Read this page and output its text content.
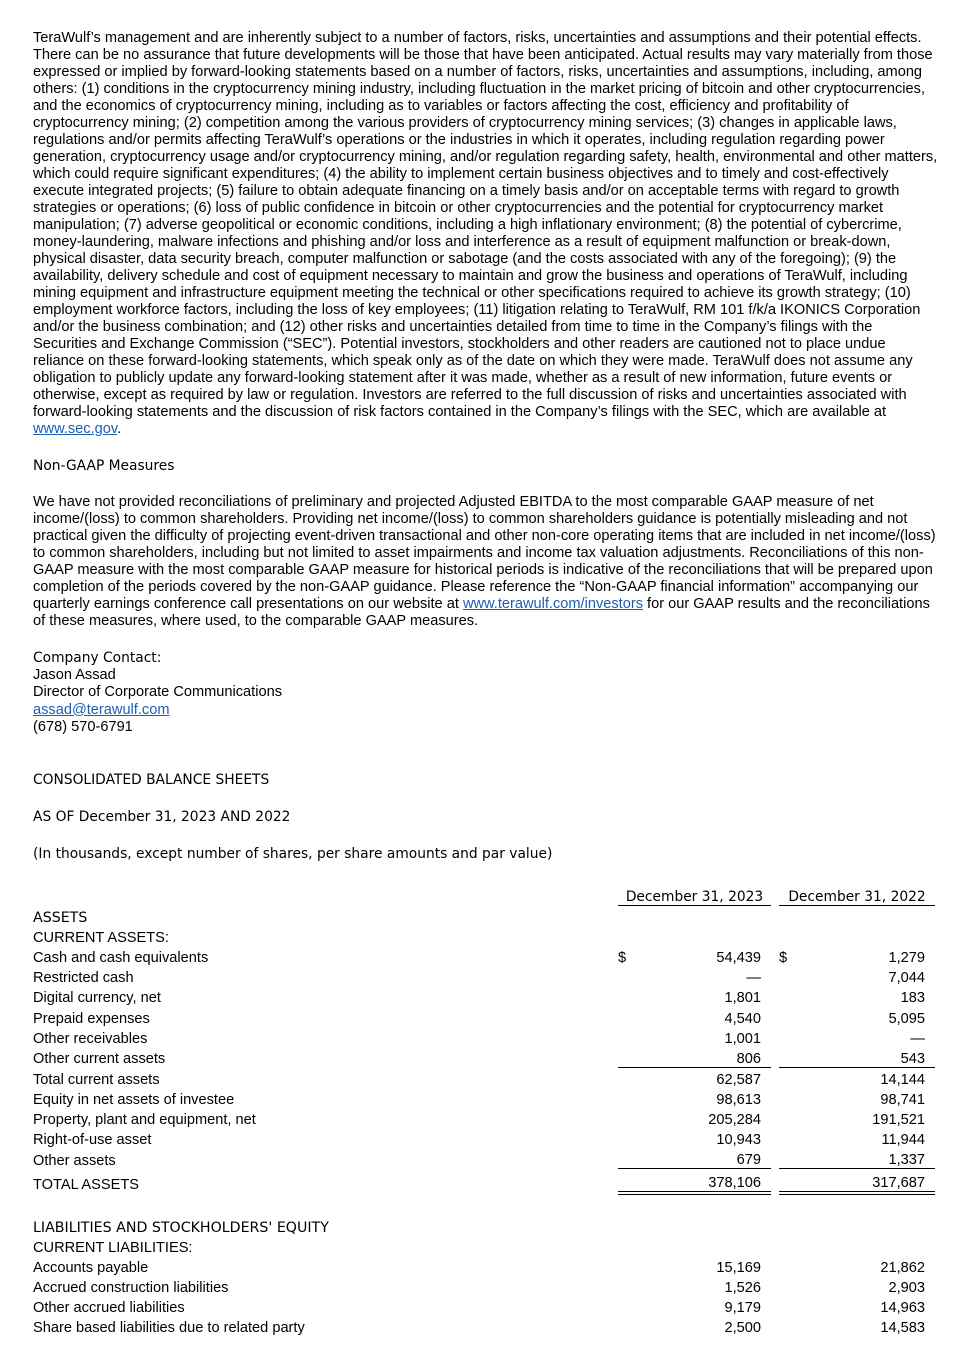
TeraWulf’s management and are inherently subject to a number of factors, risks, uncertainties and assumptions and their potential effects. There can be no assurance that future developments will be those that have been anticipated. Actual results may vary materially from those expressed or implied by forward-looking statements based on a number of factors, risks, uncertainties and assumptions, including, among others: (1) conditions in the cryptocurrency mining industry, including fluctuation in the market pricing of bitcoin and other cryptocurrencies, and the economics of cryptocurrency mining, including as to variables or factors affecting the cost, efficiency and profitability of cryptocurrency mining; (2) competition among the various providers of cryptocurrency mining services; (3) changes in applicable laws, regulations and/or permits affecting TeraWulf’s operations or the industries in which it operates, including regulation regarding power generation, cryptocurrency usage and/or cryptocurrency mining, and/or regulation regarding safety, health, environmental and other matters, which could require significant expenditures; (4) the ability to implement certain business objectives and to timely and cost-effectively execute integrated projects; (5) failure to obtain adequate financing on a timely basis and/or on acceptable terms with regard to growth strategies or operations; (6) loss of public confidence in bitcoin or other cryptocurrencies and the potential for cryptocurrency market manipulation; (7) adverse geopolitical or economic conditions, including a high inflationary environment; (8) the potential of cybercrime, money-laundering, malware infections and phishing and/or loss and interference as a result of equipment malfunction or break-down, physical disaster, data security breach, computer malfunction or sabotage (and the costs associated with any of the foregoing); (9) the availability, delivery schedule and cost of equipment necessary to maintain and grow the business and operations of TeraWulf, including mining equipment and infrastructure equipment meeting the technical or other specifications required to achieve its growth strategy; (10) employment workforce factors, including the loss of key employees; (11) litigation relating to TeraWulf, RM 101 f/k/a IKONICS Corporation and/or the business combination; and (12) other risks and uncertainties detailed from time to time in the Company’s filings with the Securities and Exchange Commission (“SEC”). Potential investors, stockholders and other readers are cautioned not to place undue reliance on these forward-looking statements, which speak only as of the date on which they were made. TeraWulf does not assume any obligation to publicly update any forward-looking statement after it was made, whether as a result of new information, future events or otherwise, except as required by law or regulation. Investors are referred to the full discussion of risks and uncertainties associated with forward-looking statements and the discussion of risk factors contained in the Company’s filings with the SEC, which are available at www.sec.gov.

Non-GAAP Measures

We have not provided reconciliations of preliminary and projected Adjusted EBITDA to the most comparable GAAP measure of net income/(loss) to common shareholders. Providing net income/(loss) to common shareholders guidance is potentially misleading and not practical given the difficulty of projecting event-driven transactional and other non-core operating items that are included in net income/(loss) to common shareholders, including but not limited to asset impairments and income tax valuation adjustments. Reconciliations of this non-GAAP measure with the most comparable GAAP measure for historical periods is indicative of the reconciliations that will be prepared upon completion of the periods covered by the non-GAAP guidance. Please reference the “Non-GAAP financial information” accompanying our quarterly earnings conference call presentations on our website at www.terawulf.com/investors for our GAAP results and the reconciliations of these measures, where used, to the comparable GAAP measures.

Company Contact:
Jason Assad
Director of Corporate Communications
assad@terawulf.com
(678) 570-6791
CONSOLIDATED BALANCE SHEETS
AS OF December 31, 2023 AND 2022
(In thousands, except number of shares, per share amounts and par value)
	December 31, 2023			December 31, 2022	
ASSETS					
CURRENT ASSETS:					
Cash and cash equivalents	$	54,439		$	1,279
Restricted cash		—			7,044
Digital currency, net		1,801			183
Prepaid expenses		4,540			5,095
Other receivables		1,001			—
Other current assets		806			543
Total current assets		62,587			14,144
Equity in net assets of investee		98,613			98,741
Property, plant and equipment, net		205,284			191,521
Right-of-use asset		10,943			11,944
Other assets		679			1,337
TOTAL ASSETS		378,106			317,687

LIABILITIES AND STOCKHOLDERS' EQUITY					
CURRENT LIABILITIES:					
Accounts payable		15,169			21,862
Accrued construction liabilities		1,526			2,903
Other accrued liabilities		9,179			14,963
Share based liabilities due to related party		2,500			14,583
